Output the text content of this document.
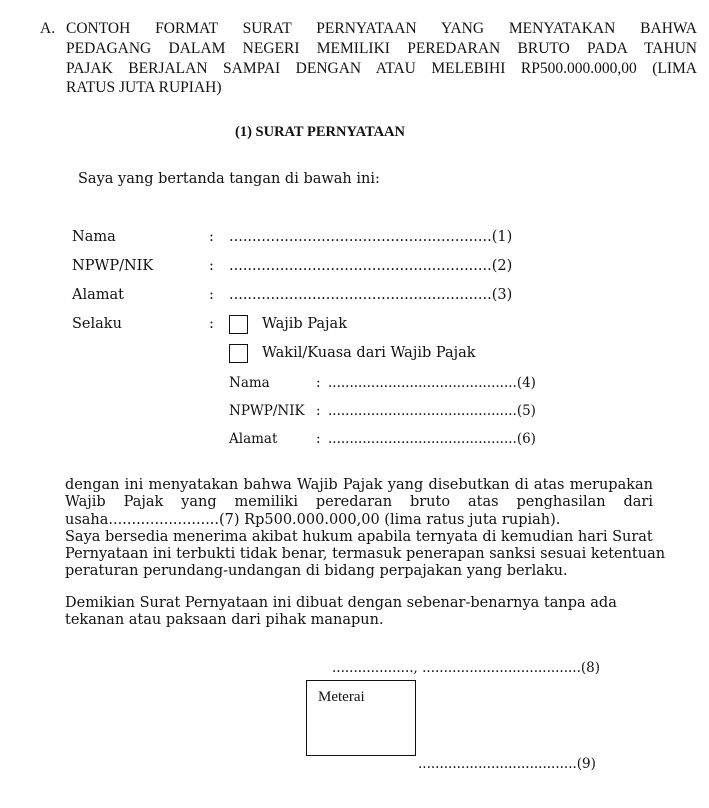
A. CONTOH FORMAT SURAT PERNYATAAN YANG MENYATAKAN BAHWA
PEDAGANG DALAM NEGERI MEMILIKI PEREDARAN BRUTO PADA TAHUN
PAJAK BERJALAN SAMPAI DENGAN ATAU MELEBIHI RP500.000.000,00 (LIMA
RATUS JUTA RUPIAH)
(1) SURAT PERNYATAAN
Saya yang bertanda tangan di bawah ini:
Nama	: .........................................................(1)
NPWP/NIK	: .........................................................(2)
Alamat	: .........................................................(3)
Selaku	:	Wajib Pajak
Wakil/Kuasa dari Wajib Pajak
Nama	: ............................................(4)
NPWP/NIK : ............................................(5)
Alamat	: ............................................(6)
dengan ini menyatakan bahwa Wajib Pajak yang disebutkan di atas merupakan
Wajib Pajak yang memiliki peredaran bruto atas penghasilan dari
usaha........................(7) Rp500.000.000,00 (lima ratus juta rupiah).
Saya bersedia menerima akibat hukum apabila ternyata di kemudian hari Surat
Pernyataan ini terbukti tidak benar, termasuk penerapan sanksi sesuai ketentuan
peraturan perundang-undangan di bidang perpajakan yang berlaku.
Demikian Surat Pernyataan ini dibuat dengan sebenar-benarnya tanpa ada
tekanan atau paksaan dari pihak manapun.
..................., .....................................(8)
Meterai
.....................................(9)
